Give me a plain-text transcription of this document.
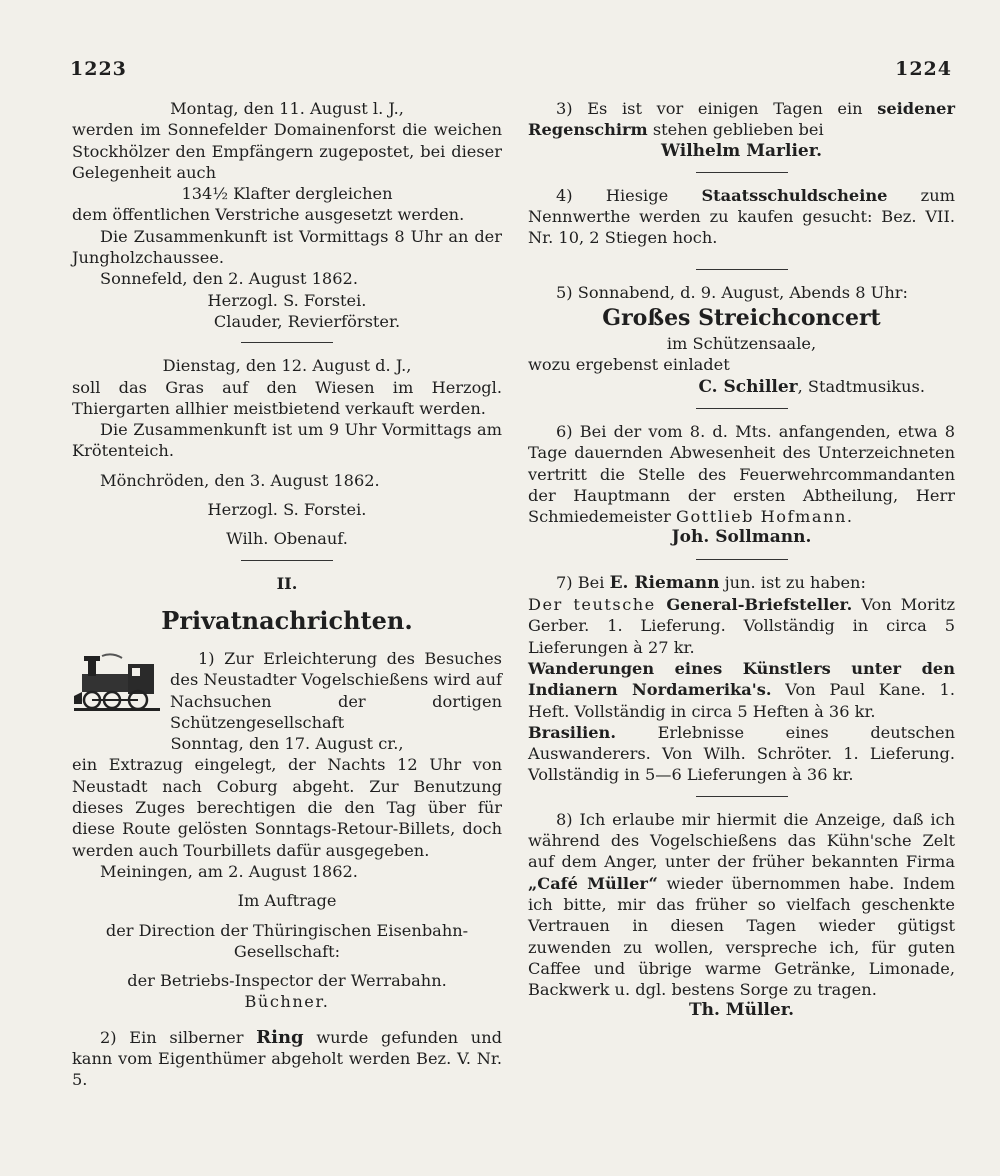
1223	1224

Montag, den 11. August l. J.,

werden im Sonnefelder Domainenforst die weichen Stockhölzer den Empfängern zugepostet, bei dieser Gelegenheit auch

134½ Klafter dergleichen

dem öffentlichen Verstriche ausgesetzt werden.

Die Zusammenkunft ist Vormittags 8 Uhr an der Jungholzchaussee.

Sonnefeld, den 2. August 1862.

Herzogl. S. Forstei.

Clauder, Revierförster.

Dienstag, den 12. August d. J.,

soll das Gras auf den Wiesen im Herzogl. Thiergarten allhier meistbietend verkauft werden.

Die Zusammenkunft ist um 9 Uhr Vormittags am Krötenteich.

Mönchröden, den 3. August 1862.

Herzogl. S. Forstei.

Wilh. Obenauf.

II.

Privatnachrichten.

1) Zur Erleichterung des Besuches des Neustadter Vogelschießens wird auf Nachsuchen der dortigen Schützengesellschaft

Sonntag, den 17. August cr.,

ein Extrazug eingelegt, der Nachts 12 Uhr von Neustadt nach Coburg abgeht. Zur Benutzung dieses Zuges berechtigen die den Tag über für diese Route gelösten Sonntags-Retour-Billets, doch werden auch Tourbillets dafür ausgegeben.

Meiningen, am 2. August 1862.

Im Auftrage

der Direction der Thüringischen Eisenbahn-Gesellschaft:

der Betriebs-Inspector der Werrabahn.

Büchner.

2) Ein silberner Ring wurde gefunden und kann vom Eigenthümer abgeholt werden Bez. V. Nr. 5.

3) Es ist vor einigen Tagen ein seidener Regenschirm stehen geblieben bei

Wilhelm Marlier.

4) Hiesige Staatsschuldscheine zum Nennwerthe werden zu kaufen gesucht: Bez. VII. Nr. 10, 2 Stiegen hoch.

5) Sonnabend, d. 9. August, Abends 8 Uhr:

Großes Streichconcert

im Schützensaale,

wozu ergebenst einladet

C. Schiller, Stadtmusikus.

6) Bei der vom 8. d. Mts. anfangenden, etwa 8 Tage dauernden Abwesenheit des Unterzeichneten vertritt die Stelle des Feuerwehrcommandanten der Hauptmann der ersten Abtheilung, Herr Schmiedemeister Gottlieb Hofmann.

Joh. Sollmann.

7) Bei E. Riemann jun. ist zu haben:

Der teutsche General-Briefsteller. Von Moritz Gerber. 1. Lieferung. Vollständig in circa 5 Lieferungen à 27 kr.

Wanderungen eines Künstlers unter den Indianern Nordamerika's. Von Paul Kane. 1. Heft. Vollständig in circa 5 Heften à 36 kr.

Brasilien. Erlebnisse eines deutschen Auswanderers. Von Wilh. Schröter. 1. Lieferung. Vollständig in 5—6 Lieferungen à 36 kr.

8) Ich erlaube mir hiermit die Anzeige, daß ich während des Vogelschießens das Kühn'sche Zelt auf dem Anger, unter der früher bekannten Firma „Café Müller“ wieder übernommen habe. Indem ich bitte, mir das früher so vielfach geschenkte Vertrauen in diesen Tagen wieder gütigst zuwenden zu wollen, verspreche ich, für guten Caffee und übrige warme Getränke, Limonade, Backwerk u. dgl. bestens Sorge zu tragen.

Th. Müller.
